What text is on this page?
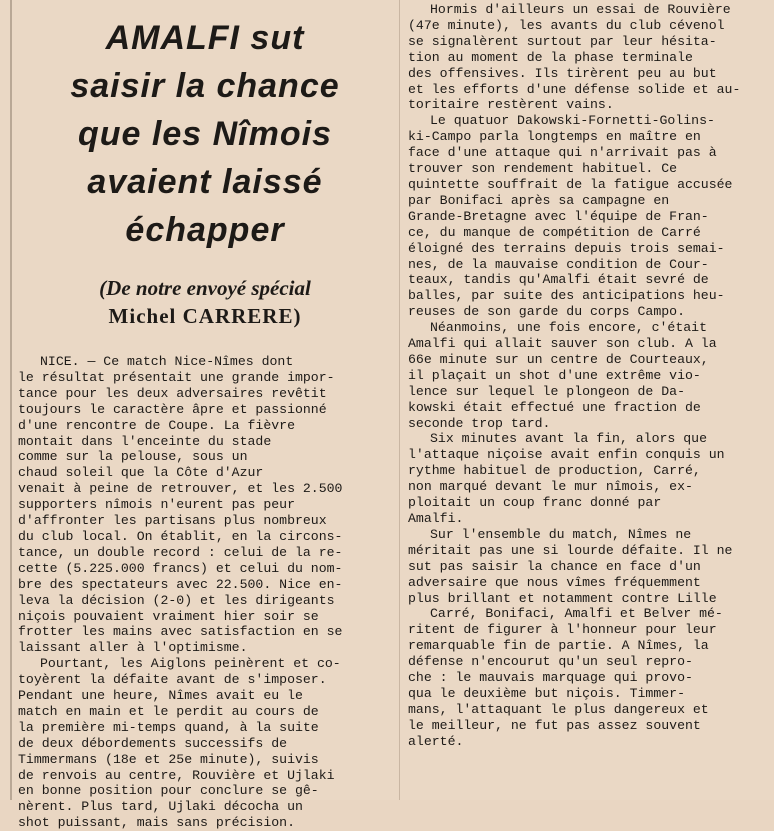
AMALFI sut
saisir la chance
que les Nîmois
avaient laissé
échapper
(De notre envoyé spécial
Michel CARRERE)

NICE. — Ce match Nice-Nîmes dont
le résultat présentait une grande impor-
tance pour les deux adversaires revêtit
toujours le caractère âpre et passionné
d'une rencontre de Coupe. La fièvre
montait dans l'enceinte du stade
comme sur la pelouse, sous un
chaud soleil que la Côte d'Azur
venait à peine de retrouver, et les 2.500
supporters nîmois n'eurent pas peur
d'affronter les partisans plus nombreux
du club local. On établit, en la circons-
tance, un double record : celui de la re-
cette (5.225.000 francs) et celui du nom-
bre des spectateurs avec 22.500. Nice en-
leva la décision (2-0) et les dirigeants
niçois pouvaient vraiment hier soir se
frotter les mains avec satisfaction en se
laissant aller à l'optimisme.

Pourtant, les Aiglons peinèrent et co-
toyèrent la défaite avant de s'imposer.
Pendant une heure, Nîmes avait eu le
match en main et le perdit au cours de
la première mi-temps quand, à la suite
de deux débordements successifs de
Timmermans (18e et 25e minute), suivis
de renvois au centre, Rouvière et Ujlaki
en bonne position pour conclure se gê-
nèrent. Plus tard, Ujlaki décocha un
shot puissant, mais sans précision.

Hormis d'ailleurs un essai de Rouvière
(47e minute), les avants du club cévenol
se signalèrent surtout par leur hésita-
tion au moment de la phase terminale
des offensives. Ils tirèrent peu au but
et les efforts d'une défense solide et au-
toritaire restèrent vains.

Le quatuor Dakowski-Fornetti-Golins-
ki-Campo parla longtemps en maître en
face d'une attaque qui n'arrivait pas à
trouver son rendement habituel. Ce
quintette souffrait de la fatigue accusée
par Bonifaci après sa campagne en
Grande-Bretagne avec l'équipe de Fran-
ce, du manque de compétition de Carré
éloigné des terrains depuis trois semai-
nes, de la mauvaise condition de Cour-
teaux, tandis qu'Amalfi était sevré de
balles, par suite des anticipations heu-
reuses de son garde du corps Campo.

Néanmoins, une fois encore, c'était
Amalfi qui allait sauver son club. A la
66e minute sur un centre de Courteaux,
il plaçait un shot d'une extrême vio-
lence sur lequel le plongeon de Da-
kowski était effectué une fraction de
seconde trop tard.

Six minutes avant la fin, alors que
l'attaque niçoise avait enfin conquis un
rythme habituel de production, Carré,
non marqué devant le mur nîmois, ex-
ploitait un coup franc donné par
Amalfi.

Sur l'ensemble du match, Nîmes ne
méritait pas une si lourde défaite. Il ne
sut pas saisir la chance en face d'un
adversaire que nous vîmes fréquemment
plus brillant et notamment contre Lille

Carré, Bonifaci, Amalfi et Belver mé-
ritent de figurer à l'honneur pour leur
remarquable fin de partie. A Nîmes, la
défense n'encourut qu'un seul repro-
che : le mauvais marquage qui provo-
qua le deuxième but niçois. Timmer-
mans, l'attaquant le plus dangereux et
le meilleur, ne fut pas assez souvent
alerté.
